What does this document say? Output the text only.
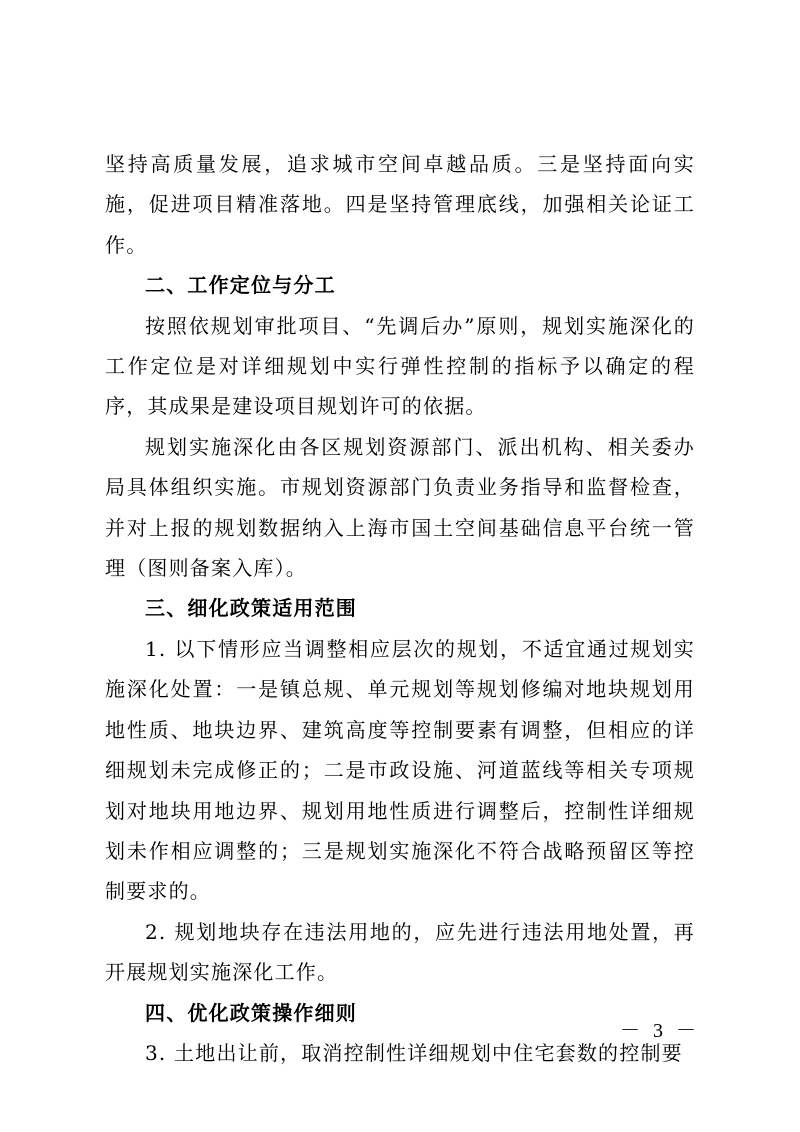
坚持高质量发展，追求城市空间卓越品质。三是坚持面向实施，促进项目精准落地。四是坚持管理底线，加强相关论证工作。

二、工作定位与分工

按照依规划审批项目、“先调后办”原则，规划实施深化的工作定位是对详细规划中实行弹性控制的指标予以确定的程序，其成果是建设项目规划许可的依据。

规划实施深化由各区规划资源部门、派出机构、相关委办局具体组织实施。市规划资源部门负责业务指导和监督检查，并对上报的规划数据纳入上海市国土空间基础信息平台统一管理（图则备案入库）。

三、细化政策适用范围

1. 以下情形应当调整相应层次的规划，不适宜通过规划实施深化处置：一是镇总规、单元规划等规划修编对地块规划用地性质、地块边界、建筑高度等控制要素有调整，但相应的详细规划未完成修正的；二是市政设施、河道蓝线等相关专项规划对地块用地边界、规划用地性质进行调整后，控制性详细规划未作相应调整的；三是规划实施深化不符合战略预留区等控制要求的。

2. 规划地块存在违法用地的，应先进行违法用地处置，再开展规划实施深化工作。

四、优化政策操作细则

3. 土地出让前，取消控制性详细规划中住宅套数的控制要

－ 3 －
